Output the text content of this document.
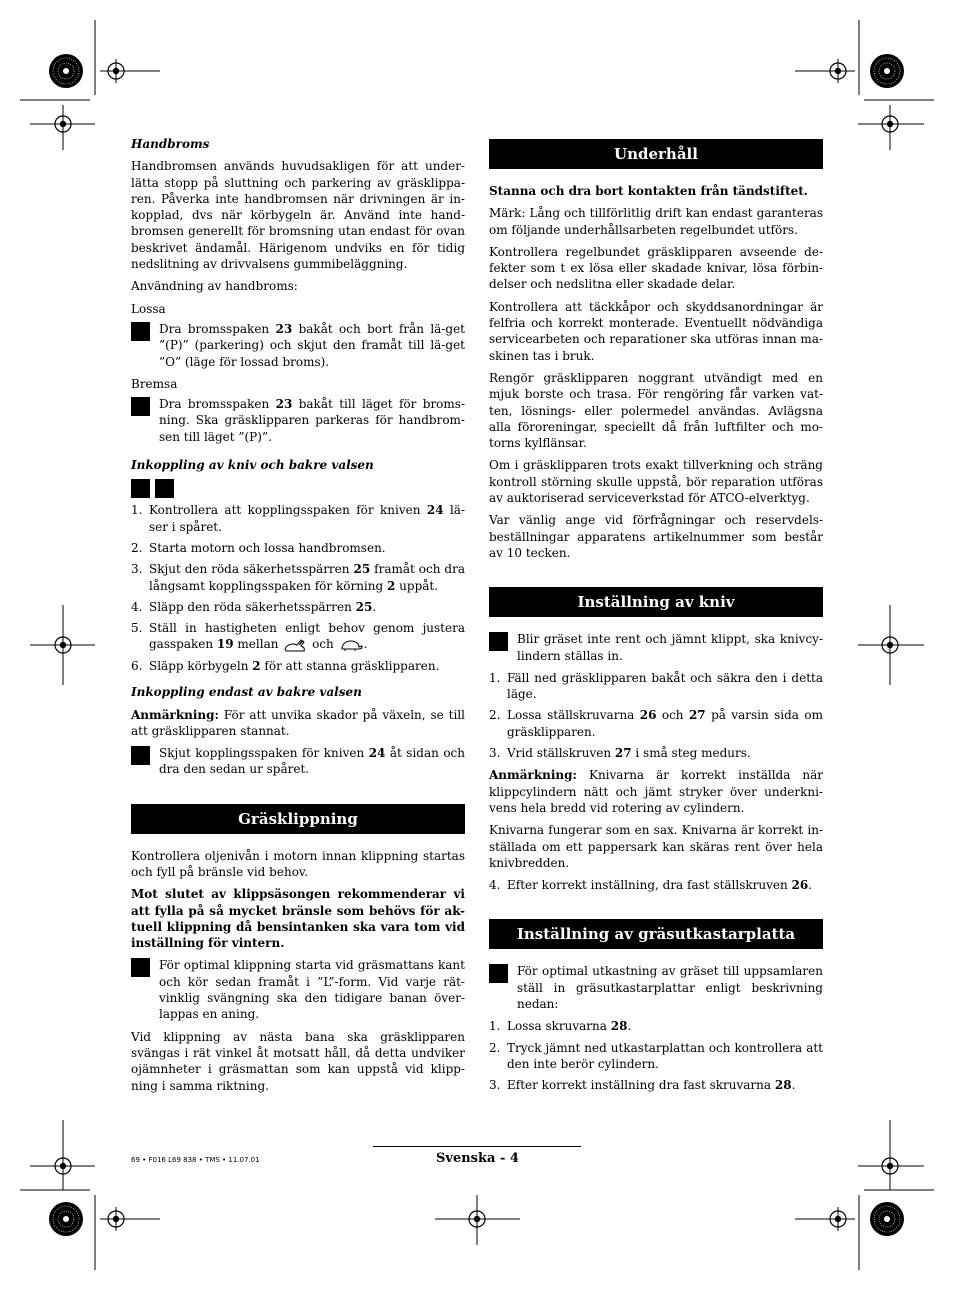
Handbroms

Handbromsen används huvudsakligen för att under-lätta stopp på sluttning och parkering av gräsklippa-ren. Påverka inte handbromsen när drivningen är in-kopplad, dvs när körbygeln är. Använd inte hand-bromsen generellt för bromsning utan endast för ovan beskrivet ändamål. Härigenom undviks en för tidig nedslitning av drivvalsens gummibeläggning.

Användning av handbroms:

Lossa

Dra bromsspaken 23 bakåt och bort från lä-get ”(P)” (parkering) och skjut den framåt till lä-get ”O” (läge för lossad broms).

Bremsa

Dra bromsspaken 23 bakåt till läget för broms-ning. Ska gräsklipparen parkeras för handbrom-sen till läget ”(P)”.
Inkoppling av kniv och bakre valsen
1. Kontrollera att kopplingsspaken för kniven 24 lä-ser i spåret.
2. Starta motorn och lossa handbromsen.
3. Skjut den röda säkerhetsspärren 25 framåt och dra långsamt kopplingsspaken för körning 2 uppåt.
4. Släpp den röda säkerhetsspärren 25.
5. Ställ in hastigheten enligt behov genom justera gasspaken 19 mellan  och .
6. Släpp körbygeln 2 för att stanna gräsklipparen.
Inkoppling endast av bakre valsen

Anmärkning: För att unvika skador på växeln, se till att gräsklipparen stannat.

Skjut kopplingsspaken för kniven 24 åt sidan och dra den sedan ur spåret.
Gräsklippning

Kontrollera oljenivån i motorn innan klippning startas och fyll på bränsle vid behov.

Mot slutet av klippsäsongen rekommenderar vi att fylla på så mycket bränsle som behövs för ak-tuell klippning då bensintanken ska vara tom vid inställning för vintern.

För optimal klippning starta vid gräsmattans kant och kör sedan framåt i ”L”-form. Vid varje rät-vinklig svängning ska den tidigare banan över-lappas en aning.

Vid klippning av nästa bana ska gräsklipparen svängas i rät vinkel åt motsatt håll, då detta undviker ojämnheter i gräsmattan som kan uppstå vid klipp-ning i samma riktning.

Underhåll

Stanna och dra bort kontakten från tändstiftet.

Märk: Lång och tillförlitlig drift kan endast garanteras om följande underhållsarbeten regelbundet utförs.

Kontrollera regelbundet gräsklipparen avseende de-fekter som t ex lösa eller skadade knivar, lösa förbin-delser och nedslitna eller skadade delar.

Kontrollera att täckkåpor och skyddsanordningar är felfria och korrekt monterade. Eventuellt nödvändiga servicearbeten och reparationer ska utföras innan ma-skinen tas i bruk.

Rengör gräsklipparen noggrant utvändigt med en mjuk borste och trasa. För rengöring får varken vat-ten, lösnings- eller polermedel användas. Avlägsna alla föroreningar, speciellt då från luftfilter och mo-torns kylflänsar.

Om i gräsklipparen trots exakt tillverkning och sträng kontroll störning skulle uppstå, bör reparation utföras av auktoriserad serviceverkstad för ATCO-elverktyg.

Var vänlig ange vid förfrågningar och reservdels-beställningar apparatens artikelnummer som består av 10 tecken.

Inställning av kniv
Blir gräset inte rent och jämnt klippt, ska knivcy-lindern ställas in.
1. Fäll ned gräsklipparen bakåt och säkra den i detta läge.
2. Lossa ställskruvarna 26 och 27 på varsin sida om gräsklipparen.
3. Vrid ställskruven 27 i små steg medurs.

Anmärkning: Knivarna är korrekt inställda när klippcylindern nätt och jämt stryker över underkni-vens hela bredd vid rotering av cylindern.

Knivarna fungerar som en sax. Knivarna är korrekt in-ställada om ett pappersark kan skäras rent över hela knivbredden.

4. Efter korrekt inställning, dra fast ställskruven 26.
Inställning av gräsutkastarplatta
För optimal utkastning av gräset till uppsamlaren ställ in gräsutkastarplattar enligt beskrivning nedan:
1. Lossa skruvarna 28.
2. Tryck jämnt ned utkastarplattan och kontrollera att den inte berör cylindern.
3. Efter korrekt inställning dra fast skruvarna 28.
69 • F016 L69 838 • TMS • 11.07.01	Svenska - 4
